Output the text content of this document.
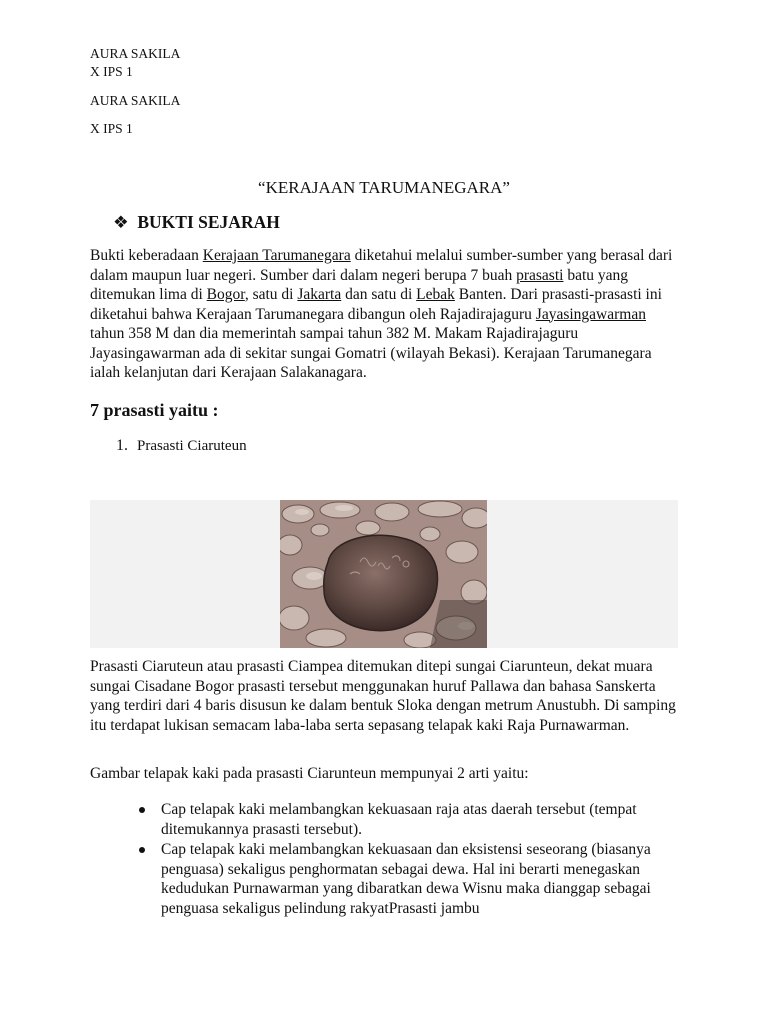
AURA SAKILA
X IPS 1
AURA SAKILA
X IPS 1
“KERAJAAN TARUMANEGARA”
❖ BUKTI SEJARAH
Bukti keberadaan Kerajaan Tarumanegara diketahui melalui sumber-sumber yang berasal dari dalam maupun luar negeri. Sumber dari dalam negeri berupa 7 buah prasasti batu yang ditemukan lima di Bogor, satu di Jakarta dan satu di Lebak Banten. Dari prasasti-prasasti ini diketahui bahwa Kerajaan Tarumanegara dibangun oleh Rajadirajaguru Jayasingawarman tahun 358 M dan dia memerintah sampai tahun 382 M. Makam Rajadirajaguru Jayasingawarman ada di sekitar sungai Gomatri (wilayah Bekasi). Kerajaan Tarumanegara ialah kelanjutan dari Kerajaan Salakanagara.
7 prasasti yaitu :
1. Prasasti Ciaruteun
Prasasti Ciaruteun atau prasasti Ciampea ditemukan ditepi sungai Ciarunteun, dekat muara sungai Cisadane Bogor prasasti tersebut menggunakan huruf Pallawa dan bahasa Sanskerta yang terdiri dari 4 baris disusun ke dalam bentuk Sloka dengan metrum Anustubh. Di samping itu terdapat lukisan semacam laba-laba serta sepasang telapak kaki Raja Purnawarman.
Gambar telapak kaki pada prasasti Ciarunteun mempunyai 2 arti yaitu:
Cap telapak kaki melambangkan kekuasaan raja atas daerah tersebut (tempat ditemukannya prasasti tersebut).
Cap telapak kaki melambangkan kekuasaan dan eksistensi seseorang (biasanya penguasa) sekaligus penghormatan sebagai dewa. Hal ini berarti menegaskan kedudukan Purnawarman yang dibaratkan dewa Wisnu maka dianggap sebagai penguasa sekaligus pelindung rakyatPrasasti jambu
